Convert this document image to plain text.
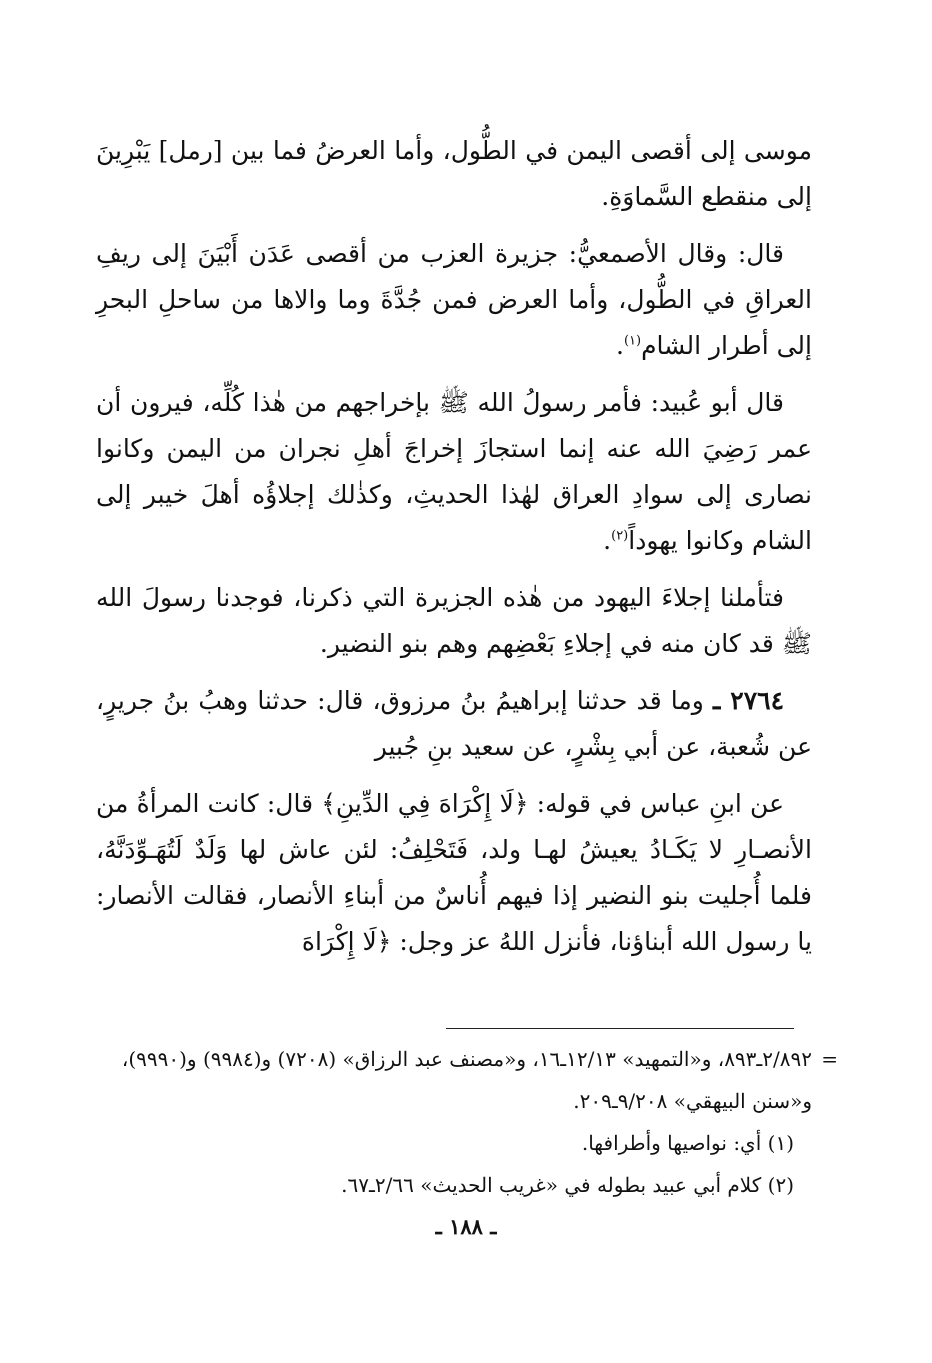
موسى إلى أقصى اليمن في الطُّول، وأما العرضُ فما بين [رمل] يَبْرِينَ إلى منقطع السَّماوَةِ.

قال: وقال الأصمعيُّ: جزيرة العزب من أقصى عَدَن أَبْيَنَ إلى ريفِ العراقِ في الطُّول، وأما العرض فمن جُدَّةَ وما والاها من ساحلِ البحرِ إلى أطرار الشام$^{(١)}$.

قال أبو عُبيد: فأمر رسولُ الله ﷺ بإخراجهم من هٰذا كُلِّه، فيرون أن عمر رَضِيَ الله عنه إنما استجازَ إخراجَ أهلِ نجران من اليمن وكانوا نصارى إلى سوادِ العراق لهٰذا الحديثِ، وكذٰلك إجلاؤُه أهلَ خيبر إلى الشام وكانوا يهوداً$^{(٢)}$.

فتأملنا إجلاءَ اليهود من هٰذه الجزيرة التي ذكرنا، فوجدنا رسولَ الله ﷺ قد كان منه في إجلاءِ بَعْضِهم وهم بنو النضير.

٢٧٦٤ ـ وما قد حدثنا إبراهيمُ بنُ مرزوق، قال: حدثنا وهبُ بنُ جريرٍ، عن شُعبة، عن أبي بِشْرٍ، عن سعيد بنِ جُبير

عن ابنِ عباس في قوله: ﴿لَا إِكْرَاهَ فِي الدِّينِ﴾ قال: كانت المرأةُ من الأنصـارِ لا يَكَـادُ يعيشُ لهـا ولد، فَتَحْلِفُ: لئن عاش لها وَلَدٌ لَتُهَـوِّدَنَّهُ، فلما أُجليت بنو النضير إذا فيهم أُناسٌ من أبناءِ الأنصار، فقالت الأنصار: يا رسول الله أبناؤنا، فأنزل اللهُ عز وجل: ﴿لَا إِكْرَاهَ

=
٢/٨٩٢ـ٨٩٣، و«التمهيد» ١٢/١٣ـ١٦، و«مصنف عبد الرزاق» (٧٢٠٨) و(٩٩٨٤) و(٩٩٩٠)، و«سنن البيهقي» ٩/٢٠٨ـ٢٠٩.

(١) أي: نواصيها وأطرافها.

(٢) كلام أبي عبيد بطوله في «غريب الحديث» ٢/٦٦ـ٦٧.

ـ ١٨٨ ـ
